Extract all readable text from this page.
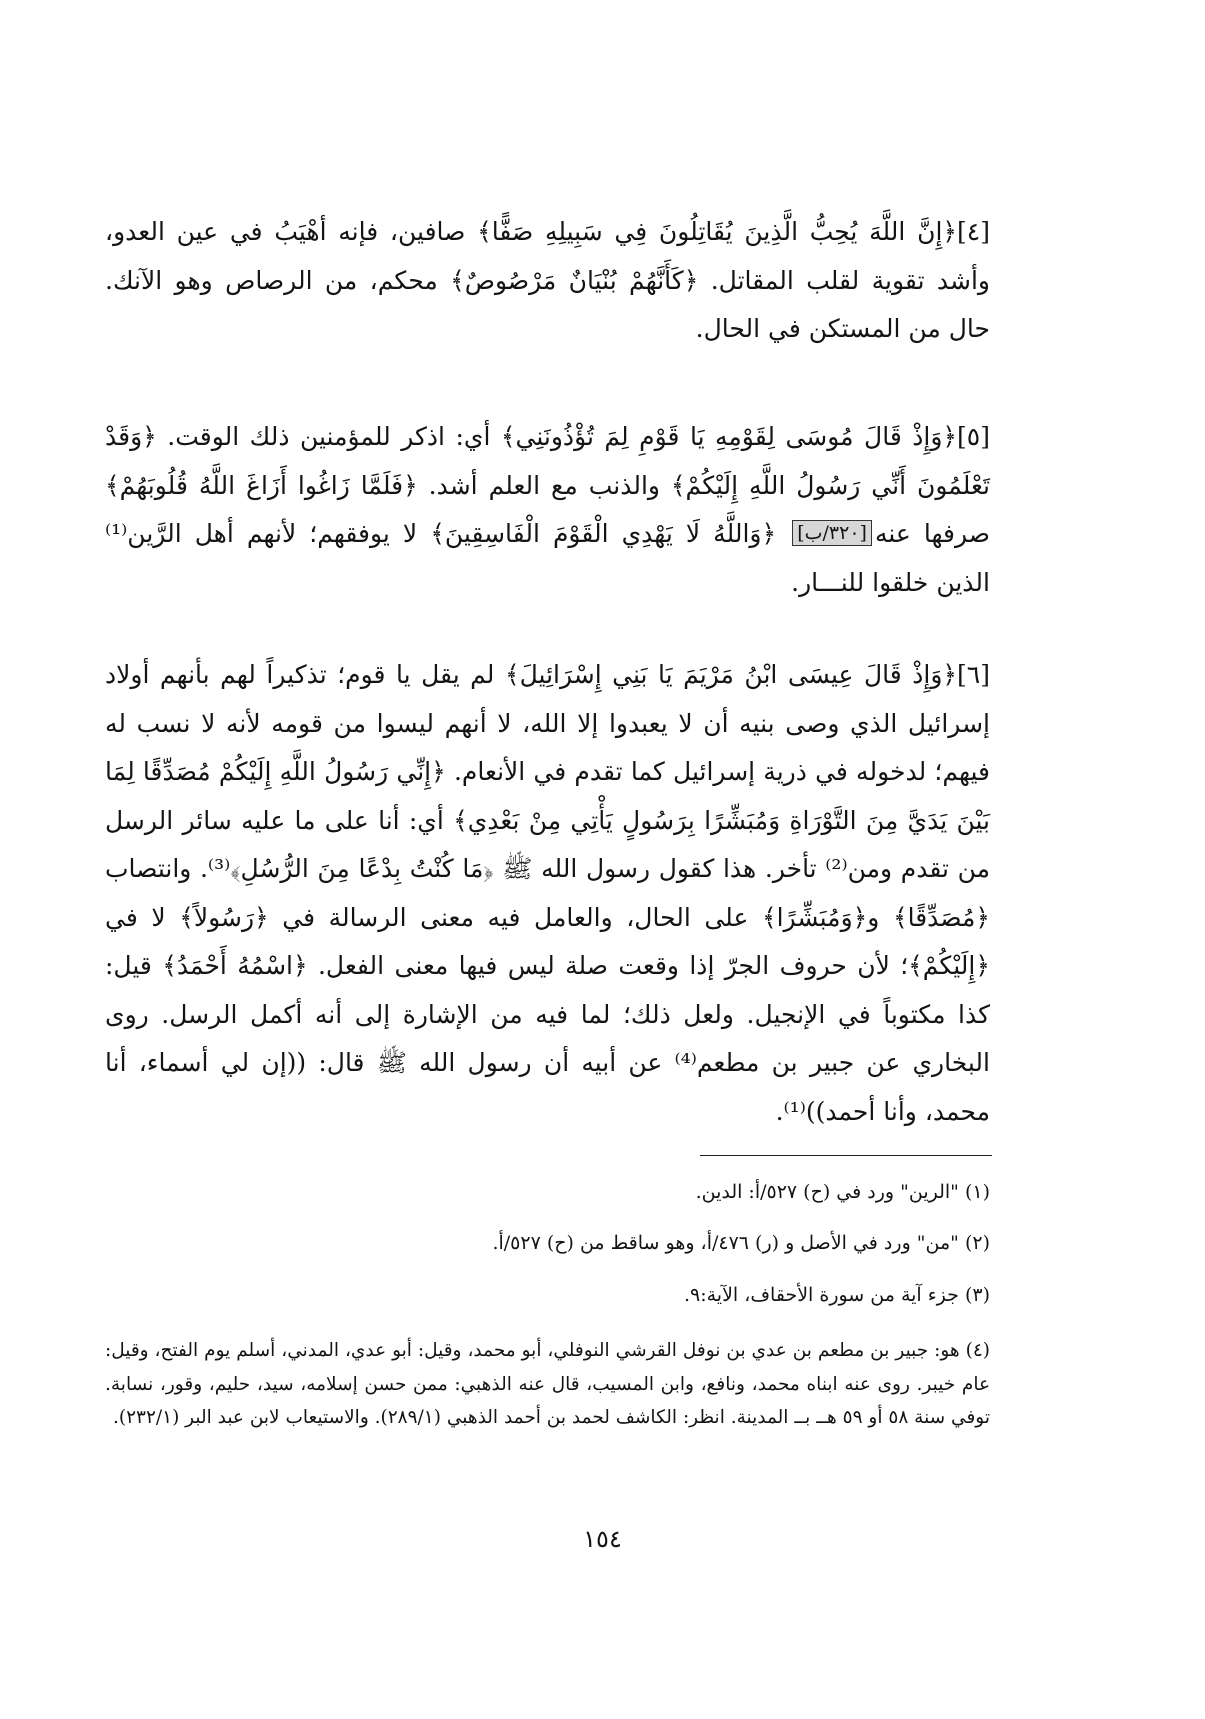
[٤]﴿إِنَّ اللَّهَ يُحِبُّ الَّذِينَ يُقَاتِلُونَ فِي سَبِيلِهِ صَفًّا﴾ صافين، فإنه أهْيَبُ في عين العدو، وأشد تقوية لقلب المقاتل. ﴿كَأَنَّهُمْ بُنْيَانٌ مَرْصُوصٌ﴾ محكم، من الرصاص وهو الآنك. حال من المستكن في الحال.

[٥]﴿وَإِذْ قَالَ مُوسَى لِقَوْمِهِ يَا قَوْمِ لِمَ تُؤْذُونَنِي﴾ أي: اذكر للمؤمنين ذلك الوقت. ﴿وَقَدْ تَعْلَمُونَ أَنِّي رَسُولُ اللَّهِ إِلَيْكُمْ﴾ والذنب مع العلم أشد. ﴿فَلَمَّا زَاغُوا أَزَاغَ اللَّهُ قُلُوبَهُمْ﴾ صرفها عنه[٣٢٠/ب] ﴿وَاللَّهُ لَا يَهْدِي الْقَوْمَ الْفَاسِقِينَ﴾ لا يوفقهم؛ لأنهم أهل الرَّين⁽¹⁾ الذين خلقوا للنـــار.

[٦]﴿وَإِذْ قَالَ عِيسَى ابْنُ مَرْيَمَ يَا بَنِي إِسْرَائِيلَ﴾ لم يقل يا قوم؛ تذكيراً لهم بأنهم أولاد إسرائيل الذي وصى بنيه أن لا يعبدوا إلا الله، لا أنهم ليسوا من قومه لأنه لا نسب له فيهم؛ لدخوله في ذرية إسرائيل كما تقدم في الأنعام. ﴿إِنِّي رَسُولُ اللَّهِ إِلَيْكُمْ مُصَدِّقًا لِمَا بَيْنَ يَدَيَّ مِنَ التَّوْرَاةِ وَمُبَشِّرًا بِرَسُولٍ يَأْتِي مِنْ بَعْدِي﴾ أي: أنا على ما عليه سائر الرسل من تقدم ومن⁽²⁾ تأخر. هذا كقول رسول الله ﷺ ﴿مَا كُنْتُ بِدْعًا مِنَ الرُّسُلِ﴾⁽³⁾. وانتصاب ﴿مُصَدِّقًا﴾ و﴿وَمُبَشِّرًا﴾ على الحال، والعامل فيه معنى الرسالة في ﴿رَسُولاً﴾ لا في ﴿إِلَيْكُمْ﴾؛ لأن حروف الجرّ إذا وقعت صلة ليس فيها معنى الفعل. ﴿اسْمُهُ أَحْمَدُ﴾ قيل: كذا مكتوباً في الإنجيل. ولعل ذلك؛ لما فيه من الإشارة إلى أنه أكمل الرسل. روى البخاري عن جبير بن مطعم⁽⁴⁾ عن أبيه أن رسول الله ﷺ قال: ((إن لي أسماء، أنا محمد، وأنا أحمد))⁽¹⁾.

(١) "الرين" ورد في (ح) ٥٢٧/أ: الدين.
(٢) "من" ورد في الأصل و (ر) ٤٧٦/أ، وهو ساقط من (ح) ٥٢٧/أ.
(٣) جزء آية من سورة الأحقاف، الآية:٩.
(٤) هو: جبير بن مطعم بن عدي بن نوفل القرشي النوفلي، أبو محمد، وقيل: أبو عدي، المدني، أسلم يوم الفتح، وقيل: عام خيبر. روى عنه ابناه محمد، ونافع، وابن المسيب، قال عنه الذهبي: ممن حسن إسلامه، سيد، حليم، وقور، نسابة. توفي سنة ٥٨ أو ٥٩ هــ بــ المدينة. انظر: الكاشف لحمد بن أحمد الذهبي (٢٨٩/١). والاستيعاب لابن عبد البر (٢٣٢/١).
١٥٤
